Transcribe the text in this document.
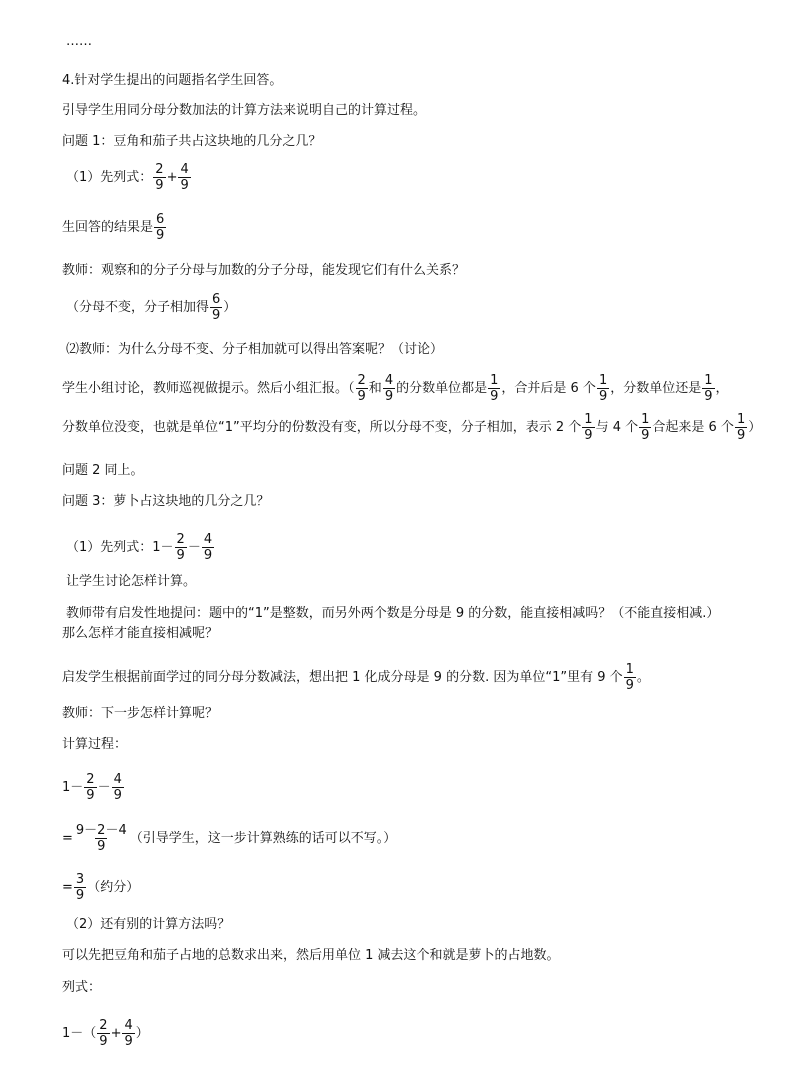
……
4.针对学生提出的问题指名学生回答。
引导学生用同分母分数加法的计算方法来说明自己的计算过程。
问题 1：豆角和茄子共占这块地的几分之几？
（1）先列式： $\frac{2}{9} + \frac{4}{9}$
生回答的结果是 $\frac{6}{9}$
教师：观察和的分子分母与加数的分子分母，能发现它们有什么关系？
（分母不变，分子相加得 $\frac{6}{9}$ ）
⑵教师：为什么分母不变、分子相加就可以得出答案呢？（讨论）
学生小组讨论，教师巡视做提示。然后小组汇报。（ $\frac{2}{9}$ 和 $\frac{4}{9}$ 的分数单位都是 $\frac{1}{9}$ ，合并后是 6 个 $\frac{1}{9}$ ，分数单位还是 $\frac{1}{9}$ ，
分数单位没变，也就是单位“1”平均分的份数没有变，所以分母不变，分子相加，表示 2 个 $\frac{1}{9}$ 与 4 个 $\frac{1}{9}$ 合起来是 6 个 $\frac{1}{9}$ ）
问题 2 同上。
问题 3：萝卜占这块地的几分之几？
（1）先列式：$1- \frac{2}{9} - \frac{4}{9}$
让学生讨论怎样计算。
教师带有启发性地提问：题中的“1”是整数，而另外两个数是分母是 9 的分数，能直接相减吗？（不能直接相减.）
那么怎样才能直接相减呢？
启发学生根据前面学过的同分母分数减法，想出把 1 化成分母是 9 的分数. 因为单位“1”里有 9 个 $\frac{1}{9}$ 。
教师：下一步怎样计算呢？
计算过程：
$1- \frac{2}{9} - \frac{4}{9}$
= $\frac{9-2-4}{9}$ （引导学生，这一步计算熟练的话可以不写。）
= $\frac{3}{9}$ （约分）
（2）还有别的计算方法吗？
可以先把豆角和茄子占地的总数求出来，然后用单位 1 减去这个和就是萝卜的占地数。
列式：
$1-( \frac{2}{9} + \frac{4}{9}$ ）
